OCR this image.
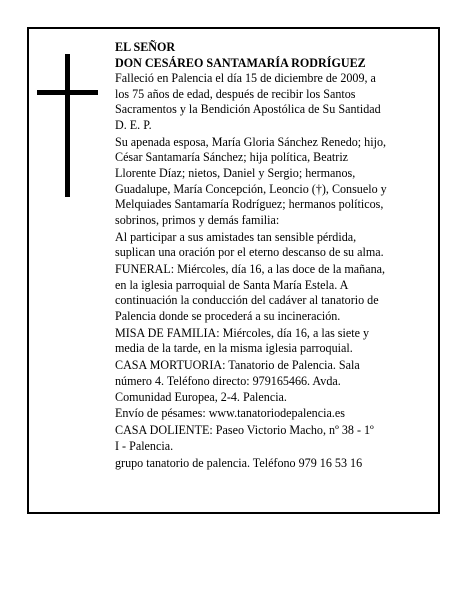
EL SEÑOR
DON CESÁREO SANTAMARÍA RODRÍGUEZ
Falleció en Palencia el día 15 de diciembre de 2009, a
los 75 años de edad, después de recibir los Santos
Sacramentos y la Bendición Apostólica de Su Santidad
D. E. P.
Su apenada esposa, María Gloria Sánchez Renedo; hijo,
César Santamaría Sánchez; hija política, Beatriz
Llorente Díaz; nietos, Daniel y Sergio; hermanos,
Guadalupe, María Concepción, Leoncio (†), Consuelo y
Melquiades Santamaría Rodríguez; hermanos políticos,
sobrinos, primos y demás familia:
Al participar a sus amistades tan sensible pérdida,
suplican una oración por el eterno descanso de su alma.
FUNERAL: Miércoles, día 16, a las doce de la mañana,
en la iglesia parroquial de Santa María Estela. A
continuación la conducción del cadáver al tanatorio de
Palencia donde se procederá a su incineración.
MISA DE FAMILIA: Miércoles, día 16, a las siete y
media de la tarde, en la misma iglesia parroquial.
CASA MORTUORIA: Tanatorio de Palencia. Sala
número 4. Teléfono directo: 979165466. Avda.
Comunidad Europea, 2-4. Palencia.
Envío de pésames: www.tanatoriodepalencia.es
CASA DOLIENTE: Paseo Victorio Macho, nº 38 - 1º
I - Palencia.
grupo tanatorio de palencia. Teléfono 979 16 53 16
